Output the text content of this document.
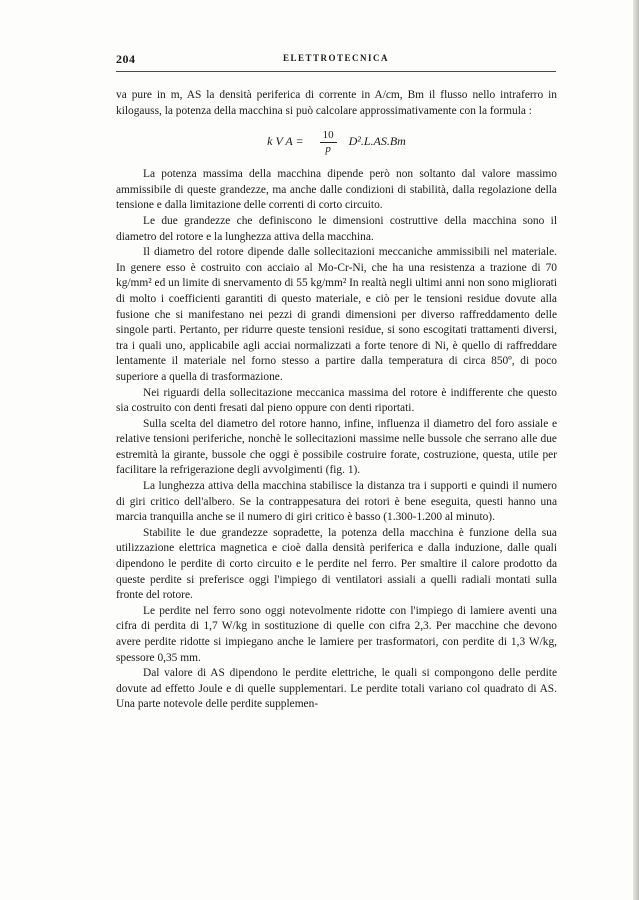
204	ELETTROTECNICA

va pure in m, AS la densità periferica di corrente in A/cm, Bm il flusso nello intraferro in kilogauss, la potenza della macchina si può calcolare approssimativamente con la formula :

k V $A = \frac{10}{p} D^2.L.AS.Bm$

La potenza massima della macchina dipende però non soltanto dal valore massimo ammissibile di queste grandezze, ma anche dalle condizioni di stabilità, dalla regolazione della tensione e dalla limitazione delle correnti di corto circuito.

Le due grandezze che definiscono le dimensioni costruttive della macchina sono il diametro del rotore e la lunghezza attiva della macchina.

Il diametro del rotore dipende dalle sollecitazioni meccaniche ammissibili nel materiale. In genere esso è costruito con acciaio al Mo-Cr-Ni, che ha una resistenza a trazione di 70 kg/mm² ed un limite di snervamento di 55 kg/mm² In realtà negli ultimi anni non sono migliorati di molto i coefficienti garantiti di questo materiale, e ciò per le tensioni residue dovute alla fusione che si manifestano nei pezzi di grandi dimensioni per diverso raffreddamento delle singole parti. Pertanto, per ridurre queste tensioni residue, si sono escogitati trattamenti diversi, tra i quali uno, applicabile agli acciai normalizzati a forte tenore di Ni, è quello di raffreddare lentamente il materiale nel forno stesso a partire dalla temperatura di circa 850º, di poco superiore a quella di trasformazione.

Nei riguardi della sollecitazione meccanica massima del rotore è indifferente che questo sia costruito con denti fresati dal pieno oppure con denti riportati.

Sulla scelta del diametro del rotore hanno, infine, influenza il diametro del foro assiale e relative tensioni periferiche, nonchè le sollecitazioni massime nelle bussole che serrano alle due estremità la girante, bussole che oggi è possibile costruire forate, costruzione, questa, utile per facilitare la refrigerazione degli avvolgimenti (fig. 1).

La lunghezza attiva della macchina stabilisce la distanza tra i supporti e quindi il numero di giri critico dell'albero. Se la contrappesatura dei rotori è bene eseguita, questi hanno una marcia tranquilla anche se il numero di giri critico è basso (1.300-1.200 al minuto).

Stabilite le due grandezze sopradette, la potenza della macchina è funzione della sua utilizzazione elettrica magnetica e cioè dalla densità periferica e dalla induzione, dalle quali dipendono le perdite di corto circuito e le perdite nel ferro. Per smaltire il calore prodotto da queste perdite si preferisce oggi l'impiego di ventilatori assiali a quelli radiali montati sulla fronte del rotore.

Le perdite nel ferro sono oggi notevolmente ridotte con l'impiego di lamiere aventi una cifra di perdita di 1,7 W/kg in sostituzione di quelle con cifra 2,3. Per macchine che devono avere perdite ridotte si impiegano anche le lamiere per trasformatori, con perdite di 1,3 W/kg, spessore 0,35 mm.

Dal valore di AS dipendono le perdite elettriche, le quali si compongono delle perdite dovute ad effetto Joule e di quelle supplementari. Le perdite totali variano col quadrato di AS. Una parte notevole delle perdite supplemen-
